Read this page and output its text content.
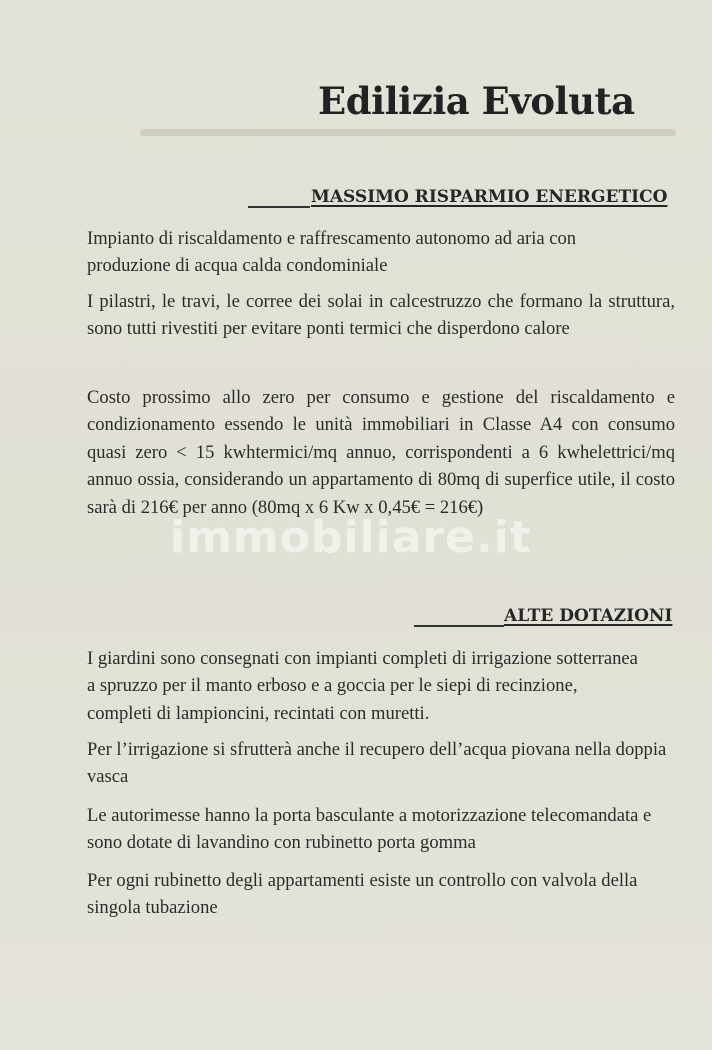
Edilizia Evoluta
MASSIMO RISPARMIO ENERGETICO

Impianto di riscaldamento e raffrescamento autonomo ad aria con produzione di acqua calda condominiale

I pilastri, le travi, le corree dei solai in calcestruzzo che formano la struttura, sono tutti rivestiti per evitare ponti termici che disperdono calore

Costo prossimo allo zero per consumo e gestione del riscaldamento e condizionamento essendo le unità immobiliari in Classe A4 con consumo quasi zero < 15 kwhtermici/mq annuo, corrispondenti a 6 kwhelettrici/mq annuo ossia, considerando un appartamento di 80mq di superfice utile, il costo sarà di 216€ per anno (80mq x 6 Kw x 0,45€ = 216€)

immobiliare.it
ALTE DOTAZIONI

I giardini sono consegnati con impianti completi di irrigazione sotterranea a spruzzo per il manto erboso e a goccia per le siepi di recinzione, completi di lampioncini, recintati con muretti.

Per l’irrigazione si sfrutterà anche il recupero dell’acqua piovana nella doppia vasca

Le autorimesse hanno la porta basculante a motorizzazione telecomandata e sono dotate di lavandino con rubinetto porta gomma

Per ogni rubinetto degli appartamenti esiste un controllo con valvola della singola tubazione
